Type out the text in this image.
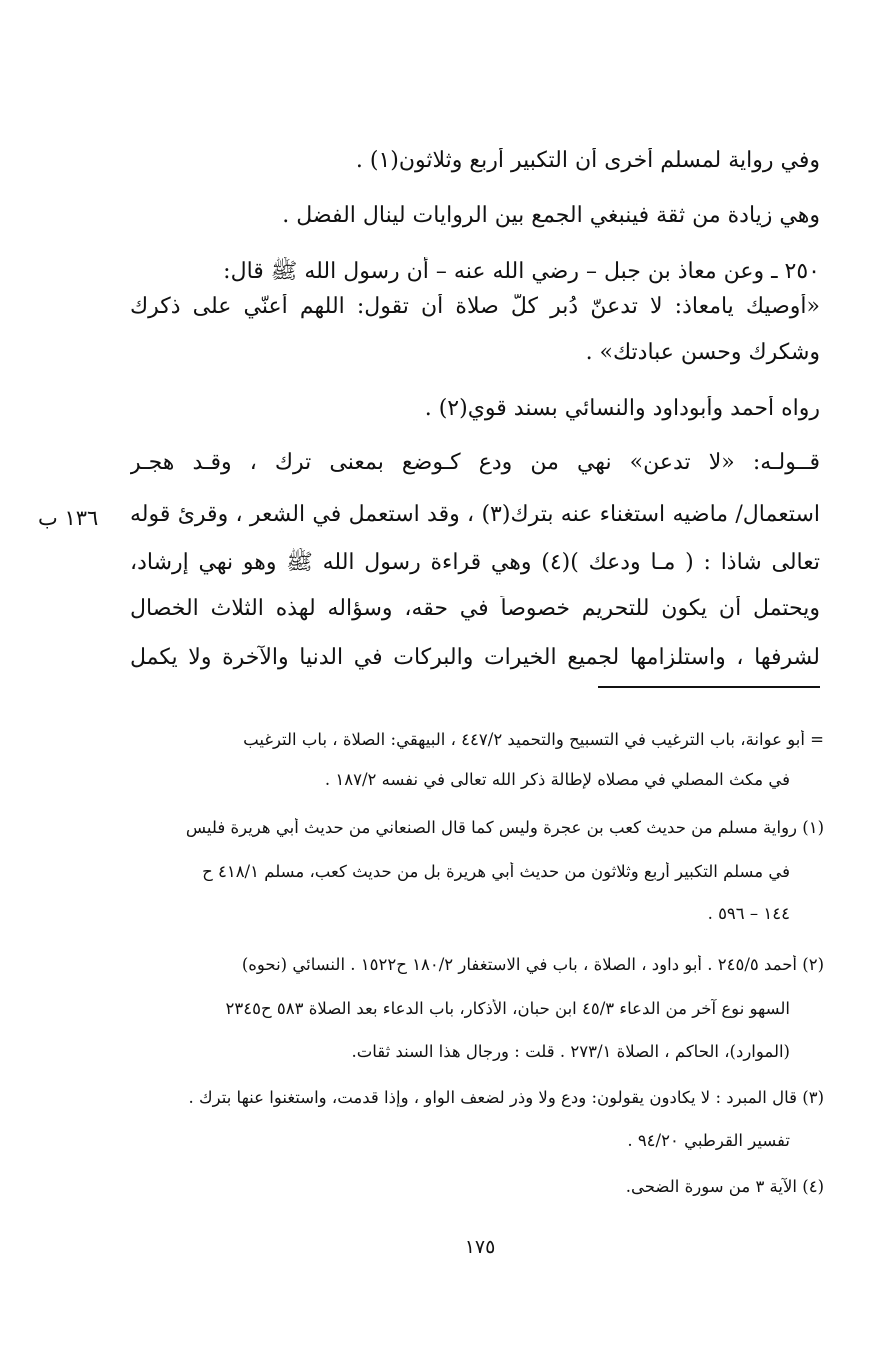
وفي رواية لمسلم أخرى أن التكبير أربع وثلاثون(١) .
وهي زيادة من ثقة فينبغي الجمع بين الروايات لينال الفضل .
٢٥٠ ـ وعن معاذ بن جبل – رضي الله عنه – أن رسول الله ﷺ قال:
«أوصيك يامعاذ: لا تدعنّ دُبر كلّ صلاة أن تقول: اللهم أعنّي على ذكرك
وشكرك وحسن عبادتك» .
رواه أحمد وأبوداود والنسائي بسند قوي(٢) .
قــولـه: «لا تدعن» نهي من ودع كـوضع بمعنى ترك ، وقـد هجـر
استعمال/ ماضيه استغناء عنه بترك(٣) ، وقد استعمل في الشعر ، وقرئ قوله
تعالى شاذا : ( مـا ودعك )(٤) وهي قراءة رسول الله ﷺ وهو نهي إرشاد،
ويحتمل أن يكون للتحريم خصوصاً في حقه، وسؤاله لهذه الثلاث الخصال
لشرفها ، واستلزامها لجميع الخيرات والبركات في الدنيا والآخرة ولا يكمل
١٣٦ ب
= أبو عوانة، باب الترغيب في التسبيح والتحميد ٤٤٧/٢ ، البيهقي: الصلاة ، باب الترغيب
في مكث المصلي في مصلاه لإطالة ذكر الله تعالى في نفسه ١٨٧/٢ .
(١) رواية مسلم من حديث كعب بن عجرة وليس كما قال الصنعاني من حديث أبي هريرة فليس
في مسلم التكبير أربع وثلاثون من حديث أبي هريرة بل من حديث كعب، مسلم ٤١٨/١ ح
١٤٤ – ٥٩٦ .
(٢) أحمد ٢٤٥/٥ . أبو داود ، الصلاة ، باب في الاستغفار ١٨٠/٢ ح١٥٢٢ . النسائي (نحوه)
السهو نوع آخر من الدعاء ٤٥/٣ ابن حبان، الأذكار، باب الدعاء بعد الصلاة ٥٨٣ ح٢٣٤٥
(الموارد)، الحاكم ، الصلاة ٢٧٣/١ . قلت : ورجال هذا السند ثقات.
(٣) قال المبرد : لا يكادون يقولون: ودع ولا وذر لضعف الواو ، وإذا قدمت، واستغنوا عنها بترك .
تفسير القرطبي ٩٤/٢٠ .
(٤) الآية ٣ من سورة الضحى.
١٧٥
